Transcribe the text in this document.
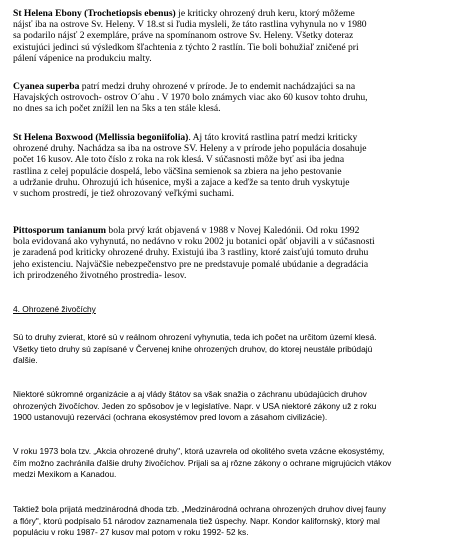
St Helena Ebony (Trochetiopsis ebenus) je kriticky ohrozený druh keru, ktorý môžeme
nájsť iba na ostrove Sv. Heleny. V 18.st si ľudia mysleli, že táto rastlina vyhynula no v 1980
sa podarilo nájsť 2 exempláre, práve na spomínanom ostrove Sv. Heleny. Všetky doteraz
existujúci jedinci sú výsledkom šľachtenia z týchto 2 rastlín. Tie boli bohužiaľ zničené pri
pálení vápenice na produkciu malty.
Cyanea superba patrí medzi druhy ohrozené v prírode. Je to endemit nachádzajúci sa na
Havajských ostrovoch- ostrov O´ahu . V 1970 bolo známych viac ako 60 kusov tohto druhu,
no dnes sa ich počet znížil len na 5ks a ten stále klesá.
St Helena Boxwood (Mellissia begoniifolia). Aj táto krovitá rastlina patrí medzi kriticky
ohrozené druhy. Nachádza sa iba na ostrove SV. Heleny a v prírode jeho populácia dosahuje
počet 16 kusov. Ale toto číslo z roka na rok klesá. V súčasnosti môže byť asi iba jedna
rastlina z celej populácie dospelá, lebo väčšina semienok sa zbiera na jeho pestovanie
a udržanie druhu. Ohrozujú ich húsenice, myši a zajace a keďže sa tento druh vyskytuje
v suchom prostredí, je tiež ohrozovaný veľkými suchami.
Pittosporum tanianum bola prvý krát objavená v 1988 v Novej Kaledónii. Od roku 1992
bola evidovaná ako vyhynutá, no nedávno v roku 2002 ju botanici opäť objavili a v súčasnosti
je zaradená pod kriticky ohrozené druhy. Existujú iba 3 rastliny, ktoré zaisťujú tomuto druhu
jeho existenciu. Najväčšie nebezpečenstvo pre ne predstavuje pomalé ubúdanie a degradácia
ich prirodzeného životného prostredia- lesov.
4. Ohrozené živočíchy
Sú to druhy zvierat, ktoré sú v reálnom ohrození vyhynutia, teda ich počet na určitom území klesá.
Všetky tieto druhy sú zapísané v Červenej knihe ohrozených druhov, do ktorej neustále pribúdajú
ďalšie.
Niektoré súkromné organizácie a aj vlády štátov sa však snažia o záchranu ubúdajúcich druhov
ohrozených živočíchov. Jeden zo spôsobov je v legislatíve. Napr. v USA niektoré zákony už z roku
1900 ustanovujú rezerváci (ochrana ekosystémov pred lovom a zásahom civilizácie).
V roku 1973 bola tzv. „Akcia ohrozené druhy", ktorá uzavrela od okolitého sveta vzácne ekosystémy,
čím možno zachránila ďalšie druhy živočíchov. Prijali sa aj rôzne zákony o ochrane migrujúcich vtákov
medzi Mexikom a Kanadou.
Taktiež bola prijatá medzinárodná dhoda tzb. „Medzinárodná ochrana ohrozených druhov divej fauny
a flóry", ktorú podpísalo 51 národov zaznamenala tiež úspechy. Napr. Kondor kalifornský, ktorý mal
populáciu v roku 1987- 27 kusov mal potom v roku 1992- 52 ks.
